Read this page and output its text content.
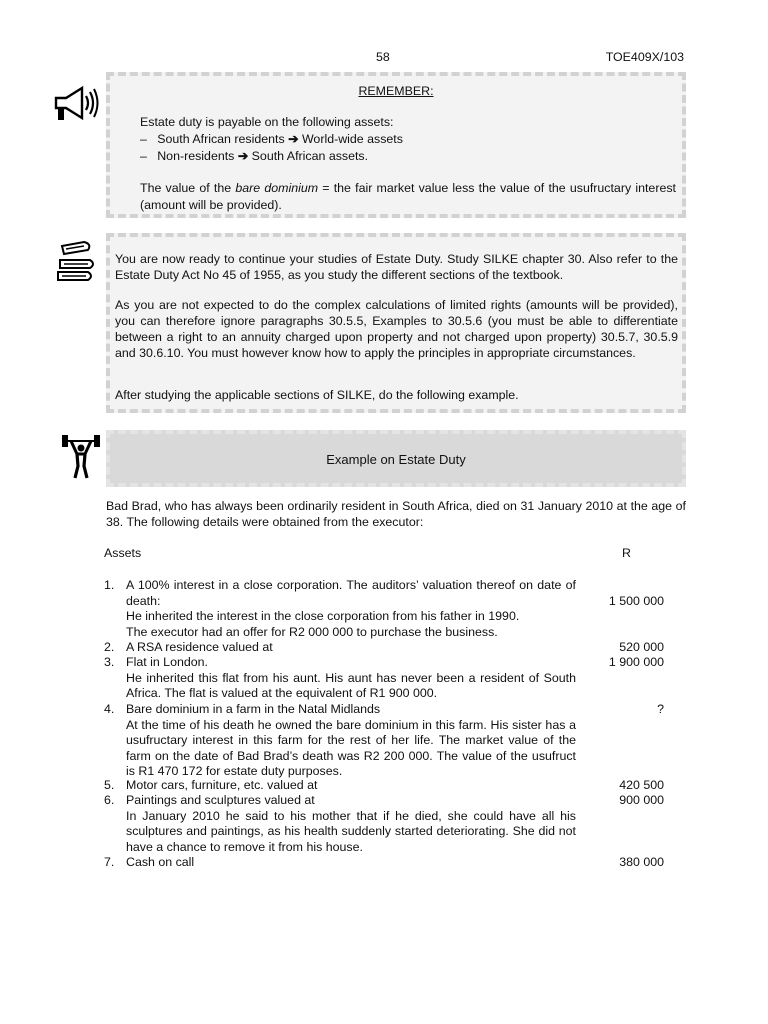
58	TOE409X/103
REMEMBER:
Estate duty is payable on the following assets:
– South African residents ➔ World-wide assets
– Non-residents ➔ South African assets.
The value of the bare dominium = the fair market value less the value of the usufructary interest (amount will be provided).
You are now ready to continue your studies of Estate Duty. Study SILKE chapter 30. Also refer to the Estate Duty Act No 45 of 1955, as you study the different sections of the textbook.
As you are not expected to do the complex calculations of limited rights (amounts will be provided), you can therefore ignore paragraphs 30.5.5, Examples to 30.5.6 (you must be able to differentiate between a right to an annuity charged upon property and not charged upon property) 30.5.7, 30.5.9 and 30.6.10. You must however know how to apply the principles in appropriate circumstances.
After studying the applicable sections of SILKE, do the following example.
Example on Estate Duty
Bad Brad, who has always been ordinarily resident in South Africa, died on 31 January 2010 at the age of 38. The following details were obtained from the executor:
Assets	R
1. A 100% interest in a close corporation. The auditors’ valuation thereof on date of death:	1 500 000
He inherited the interest in the close corporation from his father in 1990.
The executor had an offer for R2 000 000 to purchase the business.
2. A RSA residence valued at	520 000
3. Flat in London.	1 900 000
He inherited this flat from his aunt. His aunt has never been a resident of South Africa. The flat is valued at the equivalent of R1 900 000.
4. Bare dominium in a farm in the Natal Midlands	?
At the time of his death he owned the bare dominium in this farm. His sister has a usufructary interest in this farm for the rest of her life. The market value of the farm on the date of Bad Brad’s death was R2 200 000. The value of the usufruct is R1 470 172 for estate duty purposes.
5. Motor cars, furniture, etc. valued at	420 500
6. Paintings and sculptures valued at	900 000
In January 2010 he said to his mother that if he died, she could have all his sculptures and paintings, as his health suddenly started deteriorating. She did not have a chance to remove it from his house.
7. Cash on call	380 000
